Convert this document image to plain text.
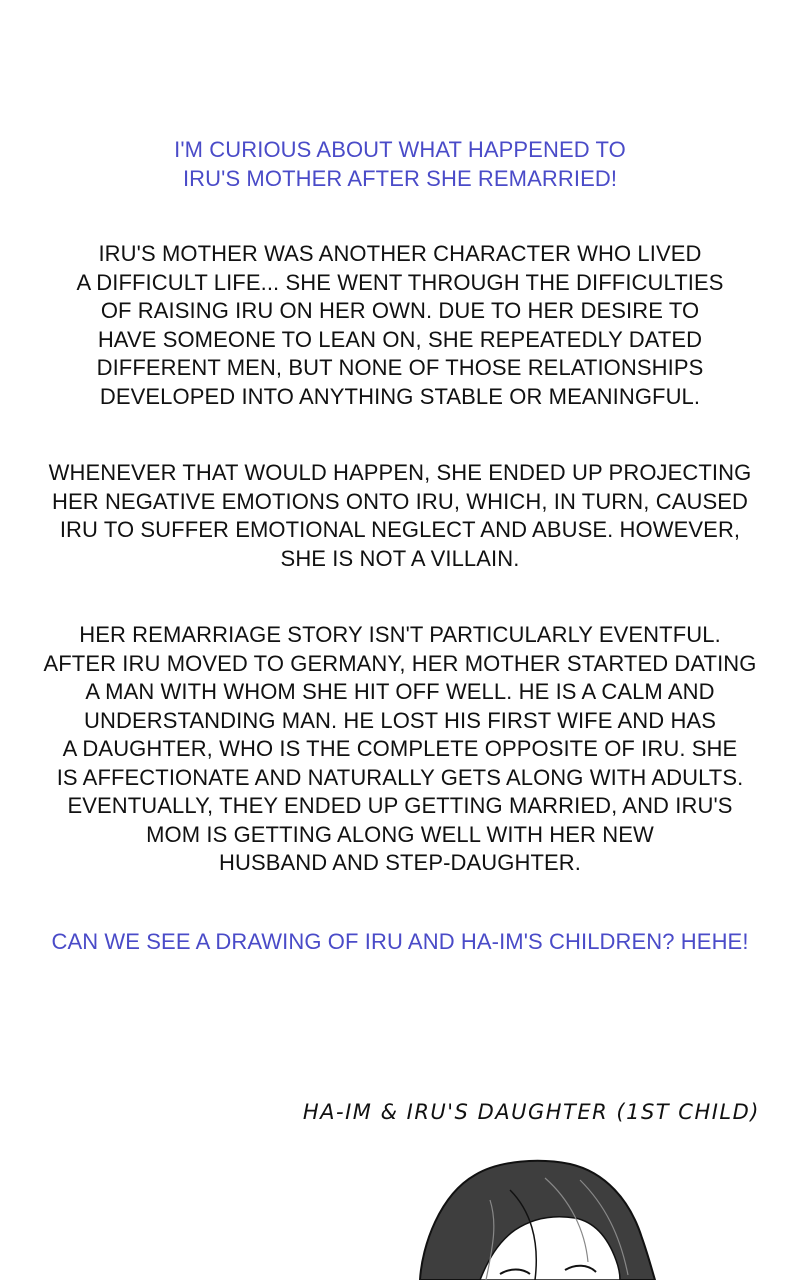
I'M CURIOUS ABOUT WHAT HAPPENED TO
IRU'S MOTHER AFTER SHE REMARRIED!
IRU'S MOTHER WAS ANOTHER CHARACTER WHO LIVED
A DIFFICULT LIFE... SHE WENT THROUGH THE DIFFICULTIES
OF RAISING IRU ON HER OWN. DUE TO HER DESIRE TO
HAVE SOMEONE TO LEAN ON, SHE REPEATEDLY DATED
DIFFERENT MEN, BUT NONE OF THOSE RELATIONSHIPS
DEVELOPED INTO ANYTHING STABLE OR MEANINGFUL.
WHENEVER THAT WOULD HAPPEN, SHE ENDED UP PROJECTING
HER NEGATIVE EMOTIONS ONTO IRU, WHICH, IN TURN, CAUSED
IRU TO SUFFER EMOTIONAL NEGLECT AND ABUSE. HOWEVER,
SHE IS NOT A VILLAIN.
HER REMARRIAGE STORY ISN'T PARTICULARLY EVENTFUL.
AFTER IRU MOVED TO GERMANY, HER MOTHER STARTED DATING
A MAN WITH WHOM SHE HIT OFF WELL. HE IS A CALM AND
UNDERSTANDING MAN. HE LOST HIS FIRST WIFE AND HAS
A DAUGHTER, WHO IS THE COMPLETE OPPOSITE OF IRU. SHE
IS AFFECTIONATE AND NATURALLY GETS ALONG WITH ADULTS.
EVENTUALLY, THEY ENDED UP GETTING MARRIED, AND IRU'S
MOM IS GETTING ALONG WELL WITH HER NEW
HUSBAND AND STEP-DAUGHTER.
CAN WE SEE A DRAWING OF IRU AND HA-IM'S CHILDREN? HEHE!
HA-IM & IRU'S DAUGHTER (1ST CHILD)
